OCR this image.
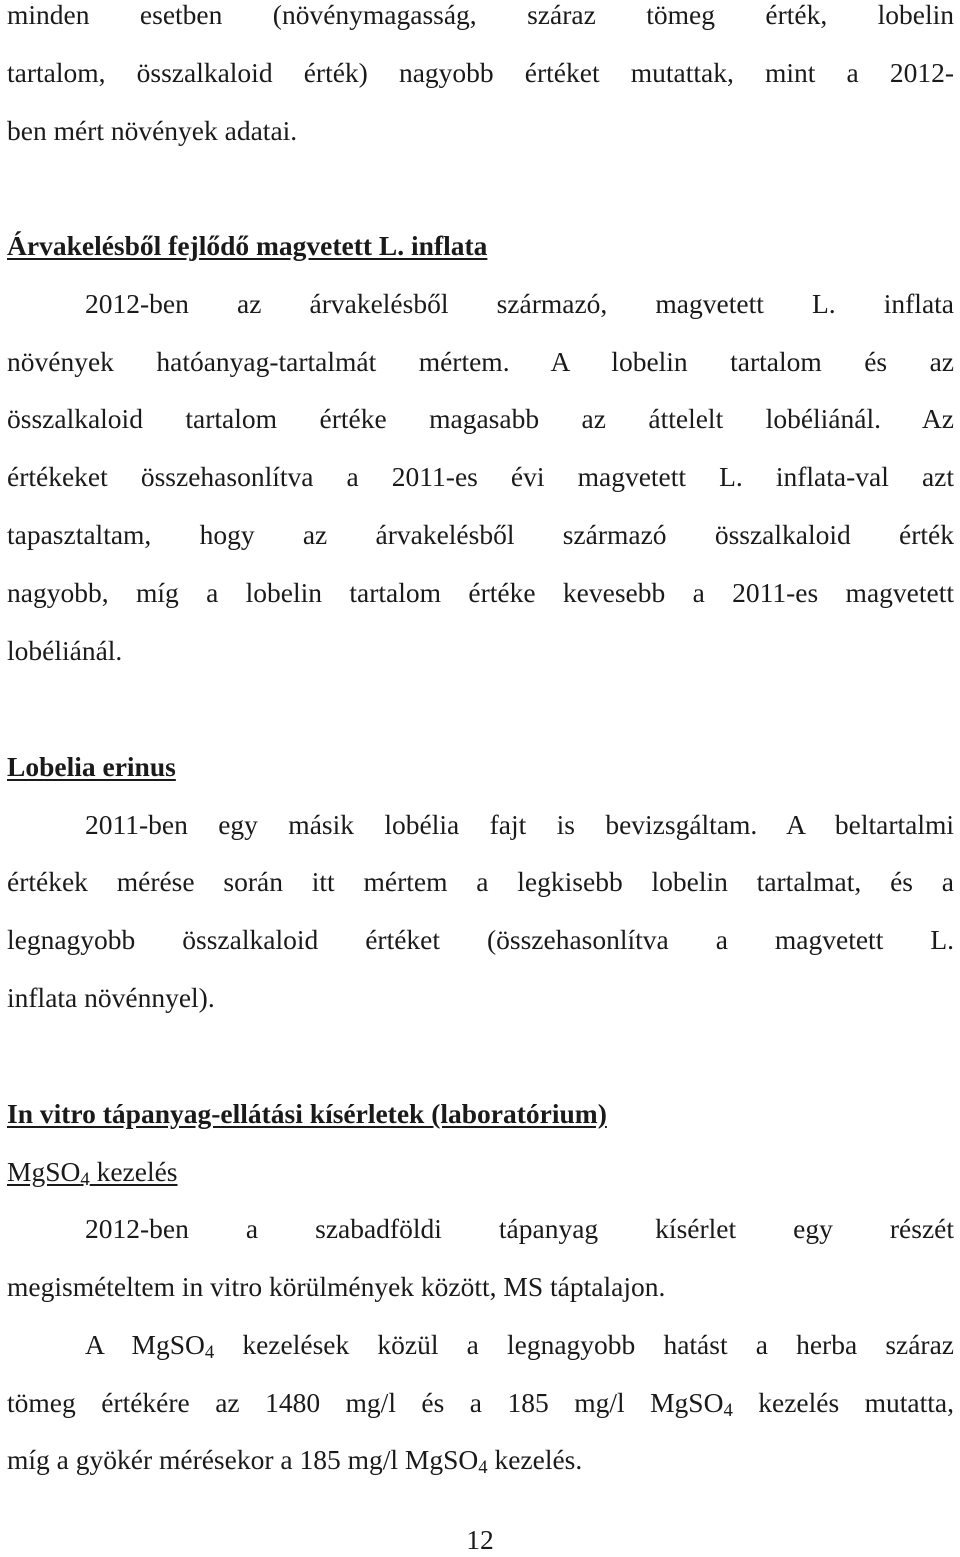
minden esetben (növénymagasság, száraz tömeg érték, lobelin
tartalom, összalkaloid érték) nagyobb értéket mutattak, mint a 2012-
ben mért növények adatai.
Árvakelésből fejlődő magvetett L. inflata
2012-ben az árvakelésből származó, magvetett L. inflata
növények hatóanyag-tartalmát mértem. A lobelin tartalom és az
összalkaloid tartalom értéke magasabb az áttelelt lobéliánál. Az
értékeket összehasonlítva a 2011-es évi magvetett L. inflata-val azt
tapasztaltam, hogy az árvakelésből származó összalkaloid érték
nagyobb, míg a lobelin tartalom értéke kevesebb a 2011-es magvetett
lobéliánál.
Lobelia erinus
2011-ben egy másik lobélia fajt is bevizsgáltam. A beltartalmi
értékek mérése során itt mértem a legkisebb lobelin tartalmat, és a
legnagyobb összalkaloid értéket (összehasonlítva a magvetett L.
inflata növénnyel).
In vitro tápanyag-ellátási kísérletek (laboratórium)
MgSO$_4$ kezelés
2012-ben a szabadföldi tápanyag kísérlet egy részét
megismételtem in vitro körülmények között, MS táptalajon.
A MgSO$_4$ kezelések közül a legnagyobb hatást a herba száraz
tömeg értékére az 1480 mg/l és a 185 mg/l MgSO$_4$ kezelés mutatta,
míg a gyökér mérésekor a 185 mg/l MgSO$_4$ kezelés.
12
